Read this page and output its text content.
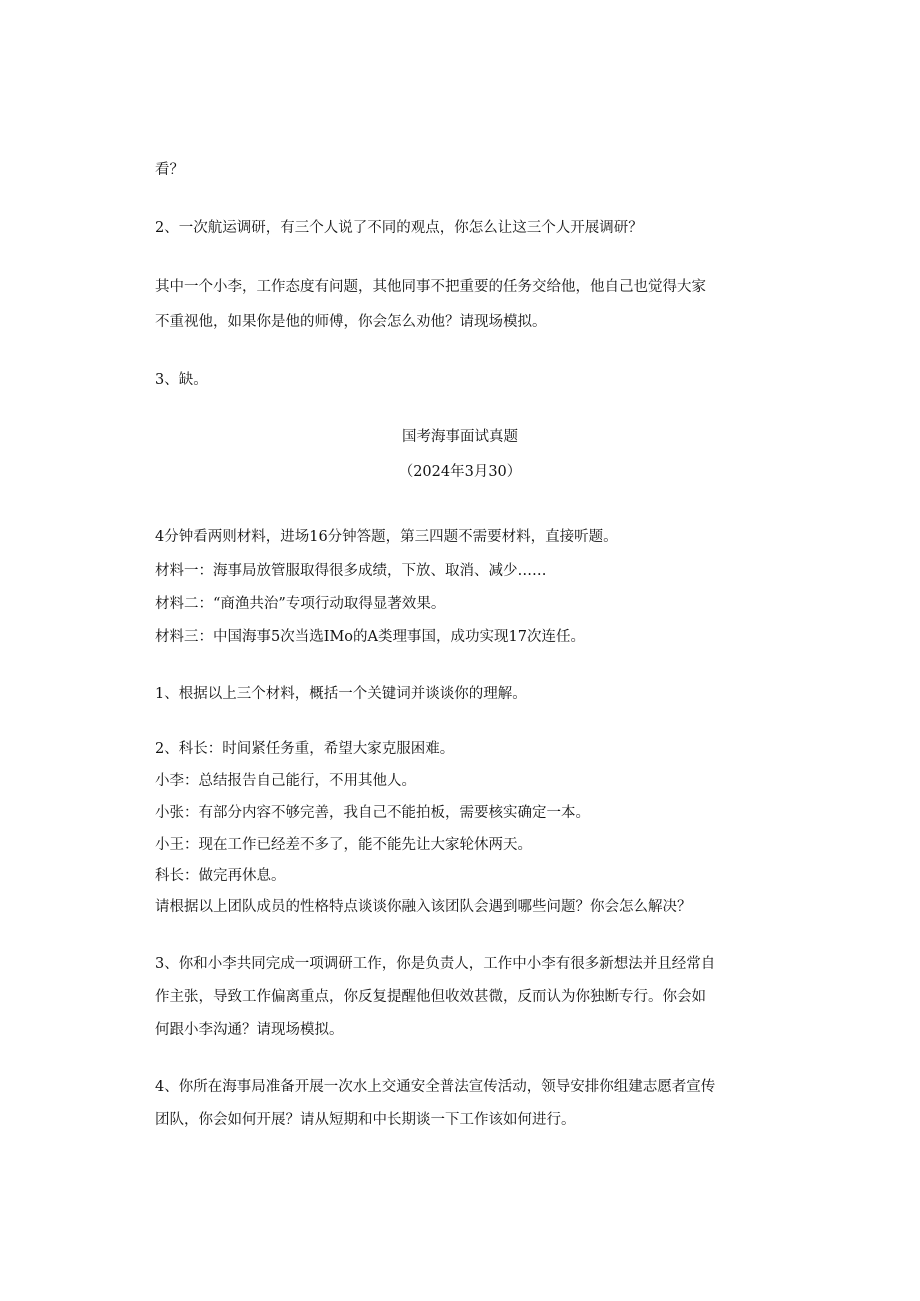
看？
2、一次航运调研，有三个人说了不同的观点，你怎么让这三个人开展调研？
其中一个小李，工作态度有问题，其他同事不把重要的任务交给他，他自己也觉得大家
不重视他，如果你是他的师傅，你会怎么劝他？请现场模拟。
3、缺。
国考海事面试真题
（2024年3月30）
4分钟看两则材料，进场16分钟答题，第三四题不需要材料，直接听题。
材料一：海事局放管服取得很多成绩，下放、取消、减少……
材料二：“商渔共治”专项行动取得显著效果。
材料三：中国海事5次当选IMo的A类理事国，成功实现17次连任。
1、根据以上三个材料，概括一个关键词并谈谈你的理解。
2、科长：时间紧任务重，希望大家克服困难。
小李：总结报告自己能行，不用其他人。
小张：有部分内容不够完善，我自己不能拍板，需要核实确定一本。
小王：现在工作已经差不多了，能不能先让大家轮休两天。
科长：做完再休息。
请根据以上团队成员的性格特点谈谈你融入该团队会遇到哪些问题？你会怎么解决？
3、你和小李共同完成一项调研工作，你是负责人，工作中小李有很多新想法并且经常自
作主张，导致工作偏离重点，你反复提醒他但收效甚微，反而认为你独断专行。你会如
何跟小李沟通？请现场模拟。
4、你所在海事局准备开展一次水上交通安全普法宣传活动，领导安排你组建志愿者宣传
团队，你会如何开展？请从短期和中长期谈一下工作该如何进行。
